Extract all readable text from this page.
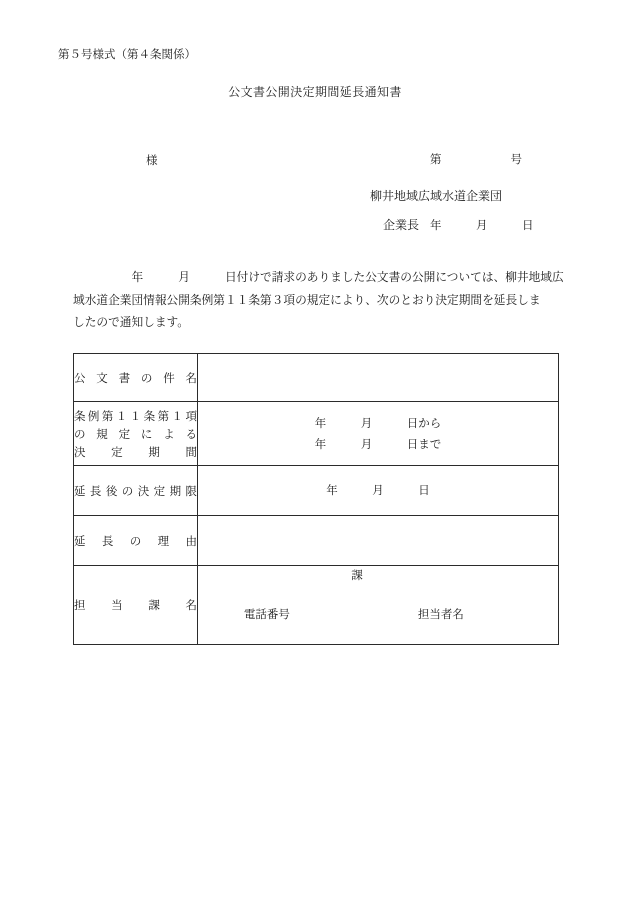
第５号様式（第４条関係）
公文書公開決定期間延長通知書

第　　　　　　号

年　　　月　　　日

様
柳井地域広域水道企業団
企業長
　　　　　年　　　月　　　日付けで請求のありました公文書の公開については、柳井地域広
域水道企業団情報公開条例第１１条第３項の規定により、次のとおり決定期間を延長しま
したので通知します。
公文書の件名	

条例第１１条第１項
の規定による
決定期間	年　　　月　　　日から
年　　　月　　　日まで

延長後の決定期限	年　　　月　　　日

延長の理由	

担当課名	課

電話番号 担当者名
